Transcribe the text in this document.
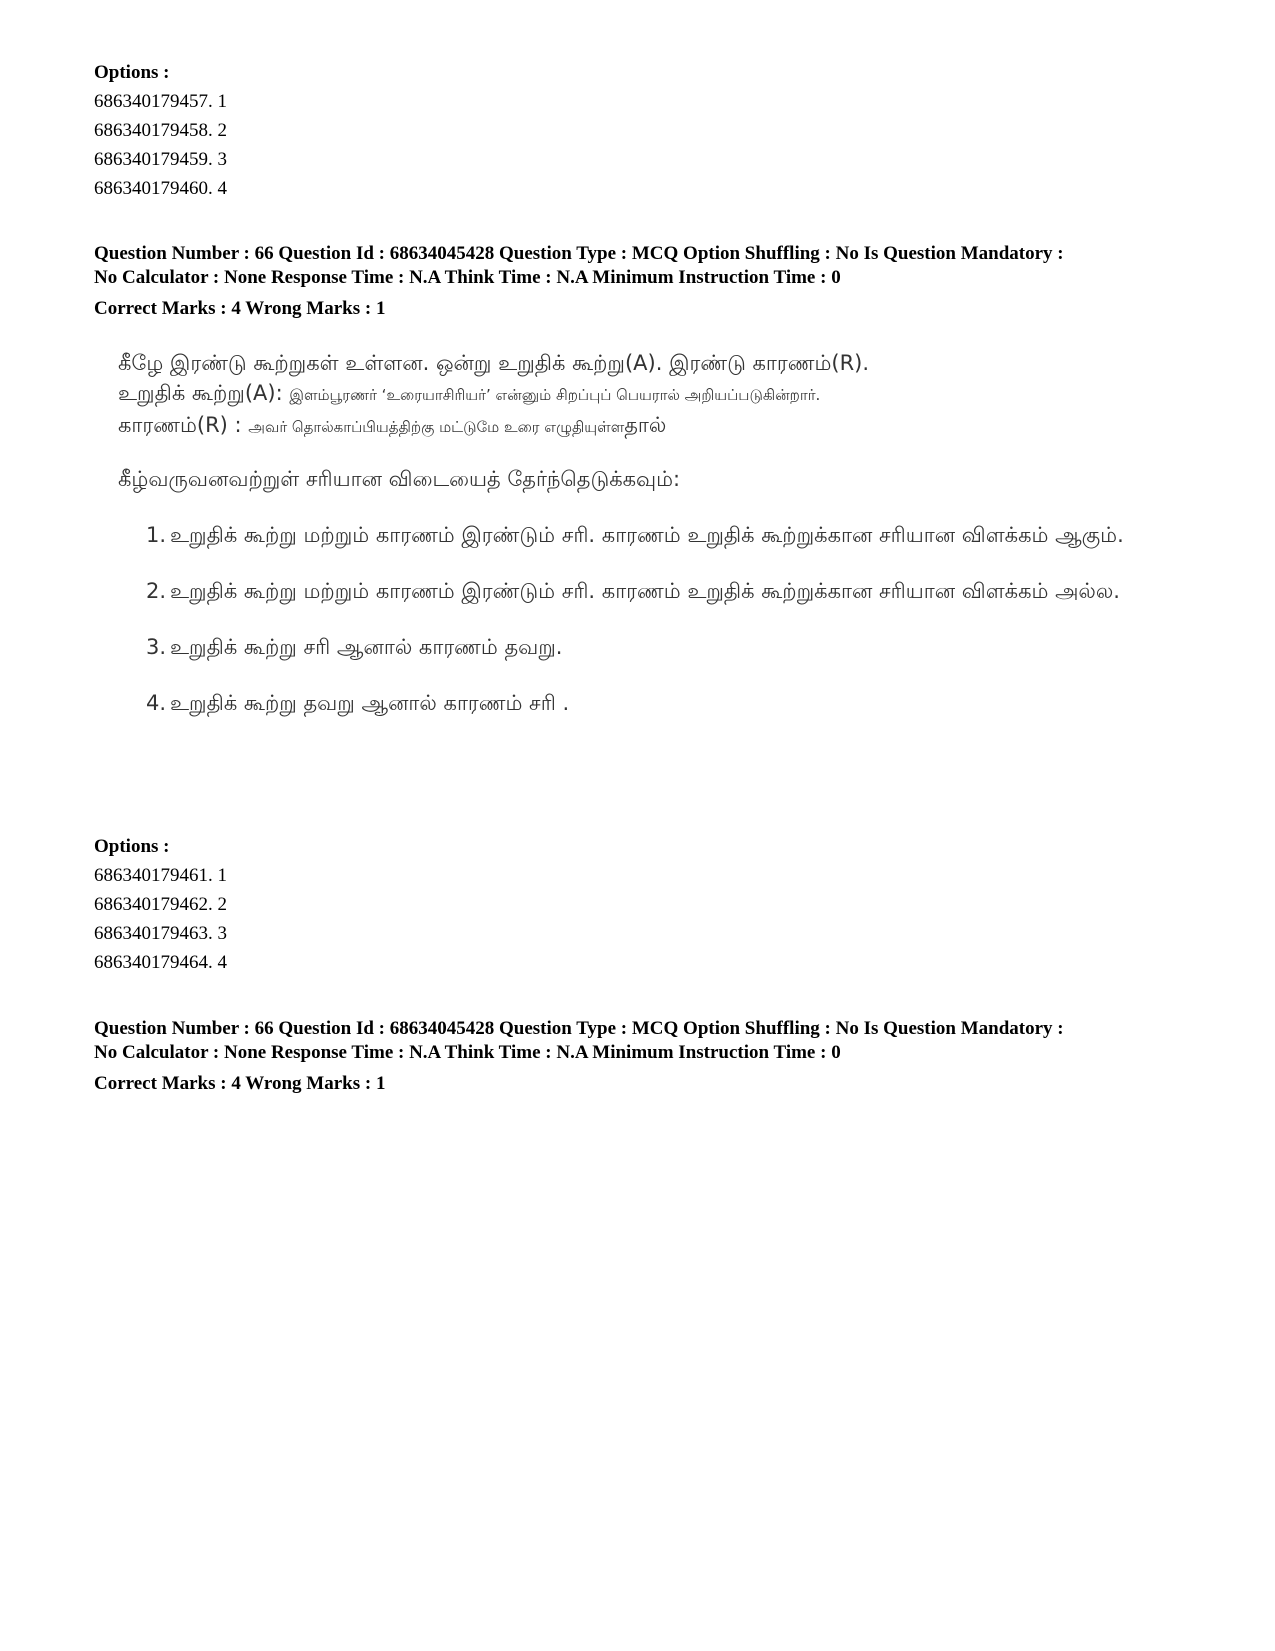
Options :
686340179457. 1
686340179458. 2
686340179459. 3
686340179460. 4
Question Number : 66 Question Id : 68634045428 Question Type : MCQ Option Shuffling : No Is Question Mandatory :
No Calculator : None Response Time : N.A Think Time : N.A Minimum Instruction Time : 0
Correct Marks : 4 Wrong Marks : 1
கீழே இரண்டு கூற்றுகள் உள்ளன. ஒன்று உறுதிக் கூற்று(A). இரண்டு காரணம்(R).
உறுதிக் கூற்று(A): இளம்பூரணர் ‘உரையாசிரியர்’ என்னும் சிறப்புப் பெயரால் அறியப்படுகின்றார்.
காரணம்(R) : அவர் தொல்காப்பியத்திற்கு மட்டுமே உரை எழுதியுள்ளதால்
கீழ்வருவனவற்றுள் சரியான விடையைத் தேர்ந்தெடுக்கவும்:
1. உறுதிக் கூற்று மற்றும் காரணம் இரண்டும் சரி. காரணம் உறுதிக் கூற்றுக்கான சரியான விளக்கம் ஆகும்.
2. உறுதிக் கூற்று மற்றும் காரணம் இரண்டும் சரி. காரணம் உறுதிக் கூற்றுக்கான சரியான விளக்கம் அல்ல.
3. உறுதிக் கூற்று சரி ஆனால் காரணம் தவறு.
4. உறுதிக் கூற்று தவறு ஆனால் காரணம் சரி .
Options :
686340179461. 1
686340179462. 2
686340179463. 3
686340179464. 4
Question Number : 66 Question Id : 68634045428 Question Type : MCQ Option Shuffling : No Is Question Mandatory :
No Calculator : None Response Time : N.A Think Time : N.A Minimum Instruction Time : 0
Correct Marks : 4 Wrong Marks : 1
